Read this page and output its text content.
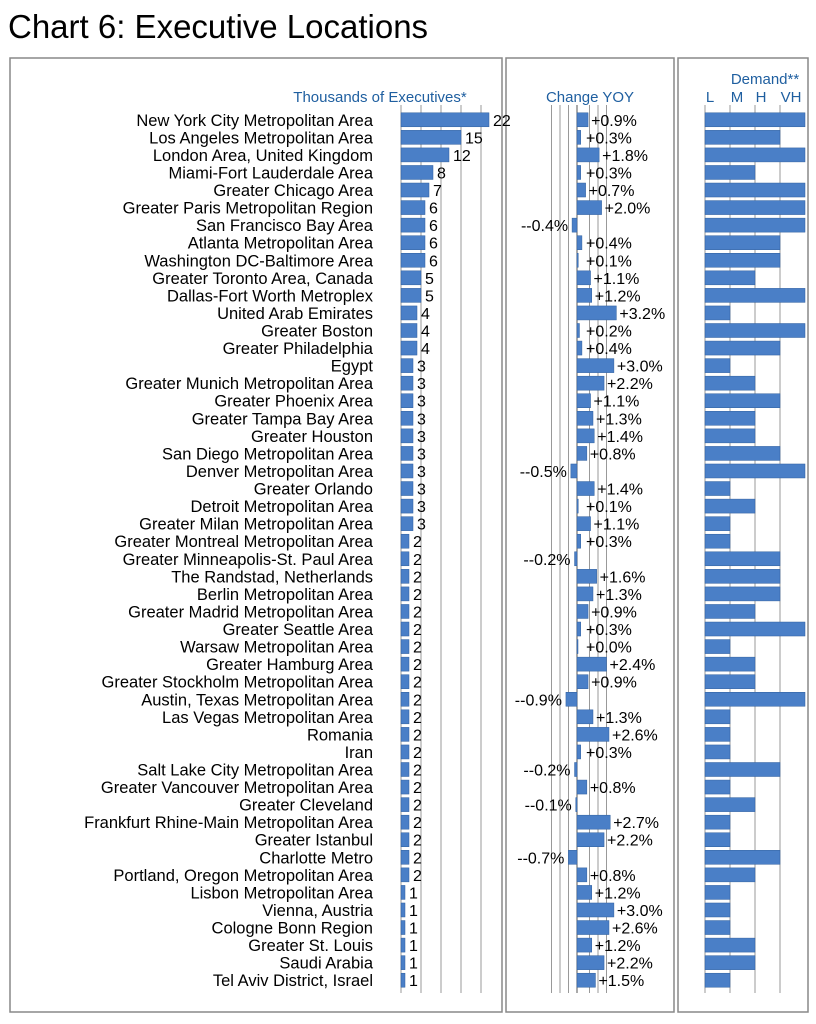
Chart 6: Executive Locations
Thousands of Executives*	Change YOY
Demand**
L M H VH
New York City Metropolitan Area
Los Angeles Metropolitan Area
London Area, United Kingdom
Miami-Fort Lauderdale Area
Greater Chicago Area
Greater Paris Metropolitan Region
San Francisco Bay Area
Atlanta Metropolitan Area
Washington DC-Baltimore Area
Greater Toronto Area, Canada
Dallas-Fort Worth Metroplex
United Arab Emirates
Greater Boston
Greater Philadelphia
Egypt
Greater Munich Metropolitan Area
Greater Phoenix Area
Greater Tampa Bay Area
Greater Houston
San Diego Metropolitan Area
Denver Metropolitan Area
Greater Orlando
Detroit Metropolitan Area
Greater Milan Metropolitan Area
Greater Montreal Metropolitan Area
Greater Minneapolis-St. Paul Area
The Randstad, Netherlands
Berlin Metropolitan Area
Greater Madrid Metropolitan Area
Greater Seattle Area
Warsaw Metropolitan Area
Greater Hamburg Area
Greater Stockholm Metropolitan Area
Austin, Texas Metropolitan Area
Las Vegas Metropolitan Area
Romania
Iran
Salt Lake City Metropolitan Area
Greater Vancouver Metropolitan Area
Greater Cleveland
Frankfurt Rhine-Main Metropolitan Area
Greater Istanbul
Charlotte Metro
Portland, Oregon Metropolitan Area
Lisbon Metropolitan Area
Vienna, Austria
Cologne Bonn Region
Greater St. Louis
Saudi Arabia
Tel Aviv District, Israel
22
15
12
8
7
6
6
6
6
5
5
4
4
4
3
3
3
3
3
3
3
3
3
3
2
2
2
2
2
2
2
2
2
2
2
2
2
2
2
2
2
2
2
2
1
1
1
1
1
1
+0.9%
+0.3%
+1.8%
+0.3%
+0.7%
+2.0%
--0.4%
+0.4%
+0.1%
+1.1%
+1.2%
+3.2%
+0.2%
+0.4%
+3.0%
+2.2%
+1.1%
+1.3%
+1.4%
+0.8%
--0.5%
+1.4%
+0.1%
+1.1%
+0.3%
--0.2%
+1.6%
+1.3%
+0.9%
+0.3%
+0.0%
+2.4%
+0.9%
--0.9%
+1.3%
+2.6%
+0.3%
--0.2%
+0.8%
--0.1%
+2.7%
+2.2%
--0.7%
+0.8%
+1.2%
+3.0%
+2.6%
+1.2%
+2.2%
+1.5%
